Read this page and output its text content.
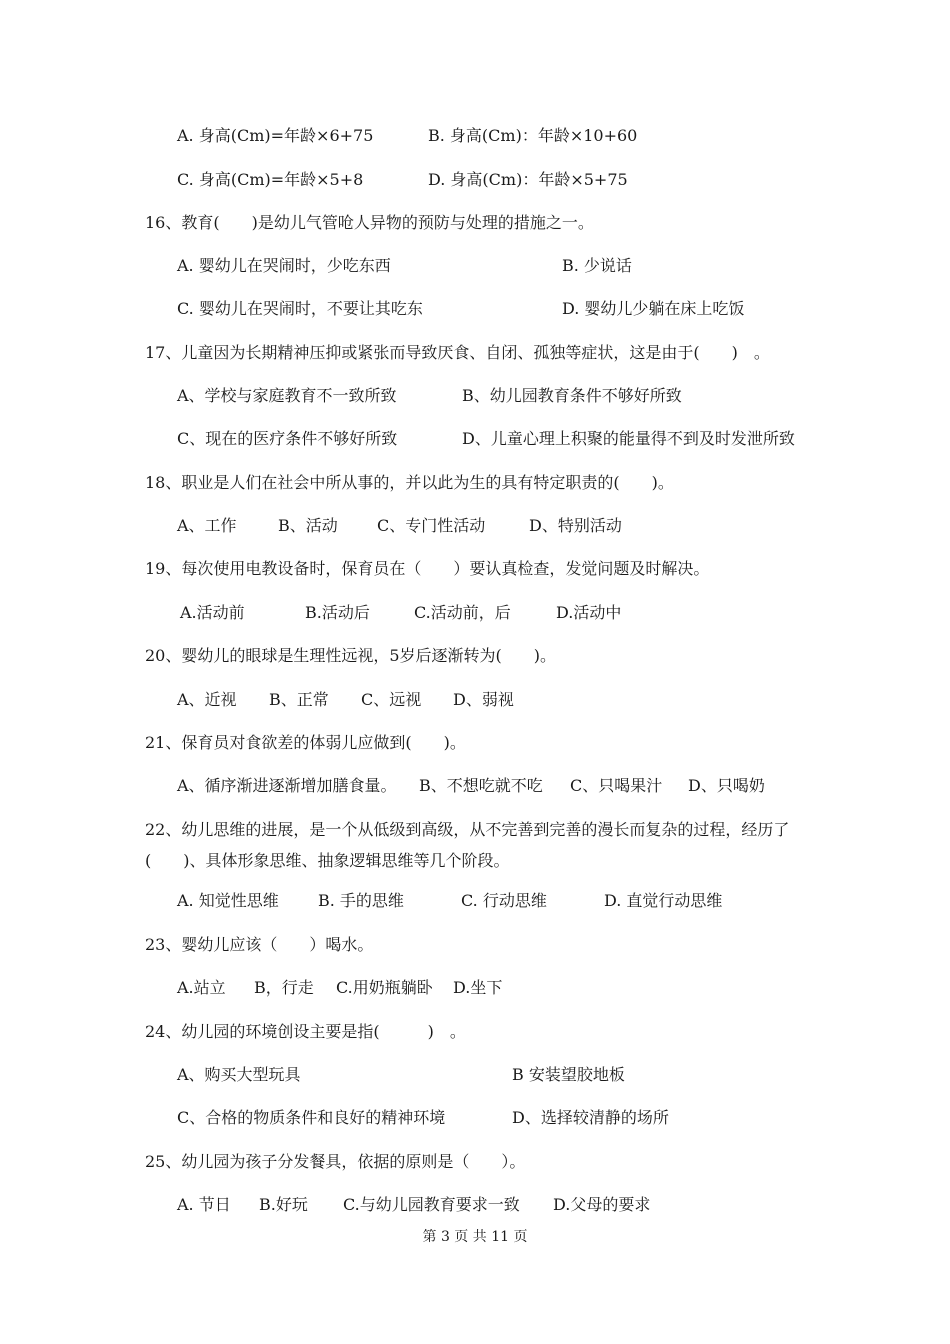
A. 身高(Cm)=年龄×6+75	B. 身高(Cm)：年龄×10+60
C. 身高(Cm)=年龄×5+8	D. 身高(Cm)：年龄×5+75
16、教育(　　)是幼儿气管呛人异物的预防与处理的措施之一。
A. 婴幼儿在哭闹时，少吃东西	B. 少说话
C. 婴幼儿在哭闹时，不要让其吃东	D. 婴幼儿少躺在床上吃饭
17、儿童因为长期精神压抑或紧张而导致厌食、自闭、孤独等症状，这是由于(　　)　。
A、学校与家庭教育不一致所致	B、幼儿园教育条件不够好所致
C、现在的医疗条件不够好所致	D、儿童心理上积聚的能量得不到及时发泄所致
18、职业是人们在社会中所从事的，并以此为生的具有特定职责的(　　)。
A、工作	B、活动 C、专门性活动	D、特别活动
19、每次使用电教设备时，保育员在（　　）要认真检查，发觉问题及时解决。
A.活动前	B.活动后	C.活动前，后	D.活动中
20、婴幼儿的眼球是生理性远视，5岁后逐渐转为(　　)。
A、近视 B、正常 C、远视 D、弱视
21、保育员对食欲差的体弱儿应做到(　　)。
A、循序渐进逐渐增加膳食量。 B、不想吃就不吃 C、只喝果汁 D、只喝奶
22、幼儿思维的进展，是一个从低级到高级，从不完善到完善的漫长而复杂的过程，经历了(　　)、具体形象思维、抽象逻辑思维等几个阶段。
A. 知觉性思维 B. 手的思维	C. 行动思维	D. 直觉行动思维
23、婴幼儿应该（　　）喝水。
A.站立 B，行走 C.用奶瓶躺卧 D.坐下
24、幼儿园的环境创设主要是指(　　　)　。
A、购买大型玩具	B 安装望胶地板
C、合格的物质条件和良好的精神环境	D、选择较清静的场所
25、幼儿园为孩子分发餐具，依据的原则是（　　）。
A. 节日 B.好玩 C.与幼儿园教育要求一致 D.父母的要求
第 3 页 共 11 页
